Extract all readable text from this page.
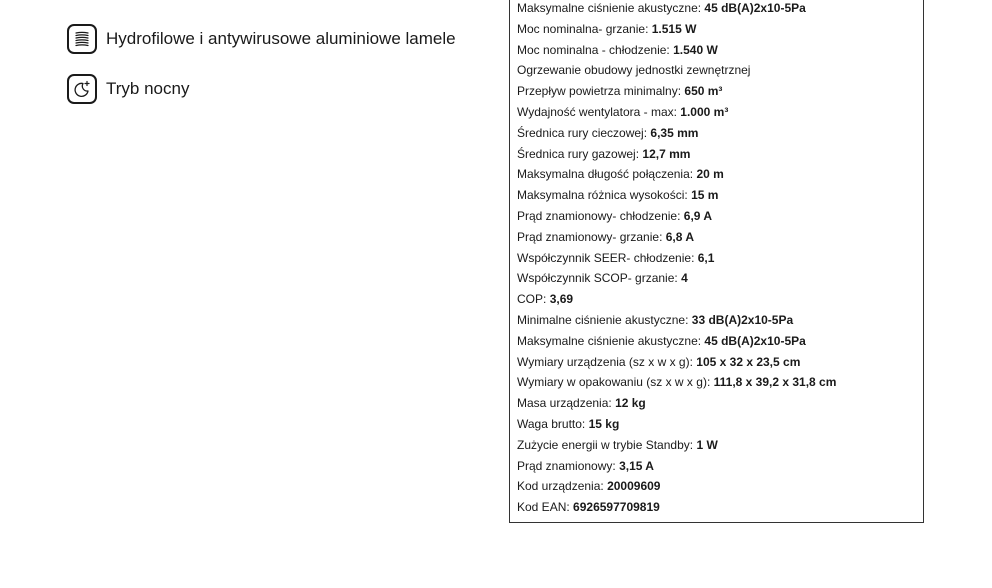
Hydrofilowe i antywirusowe aluminiowe lamele
Tryb nocny
Maksymalne ciśnienie akustyczne: 45 dB(A)2x10-5Pa
Moc nominalna- grzanie: 1.515 W
Moc nominalna - chłodzenie: 1.540 W
Ogrzewanie obudowy jednostki zewnętrznej
Przepływ powietrza minimalny: 650 m³
Wydajność wentylatora - max: 1.000 m³
Średnica rury cieczowej: 6,35 mm
Średnica rury gazowej: 12,7 mm
Maksymalna długość połączenia: 20 m
Maksymalna różnica wysokości: 15 m
Prąd znamionowy- chłodzenie: 6,9 A
Prąd znamionowy- grzanie: 6,8 A
Współczynnik SEER- chłodzenie: 6,1
Współczynnik SCOP- grzanie: 4
COP: 3,69
Minimalne ciśnienie akustyczne: 33 dB(A)2x10-5Pa
Maksymalne ciśnienie akustyczne: 45 dB(A)2x10-5Pa
Wymiary urządzenia (sz x w x g): 105 x 32 x 23,5 cm
Wymiary w opakowaniu (sz x w x g): 111,8 x 39,2 x 31,8 cm
Masa urządzenia: 12 kg
Waga brutto: 15 kg
Zużycie energii w trybie Standby: 1 W
Prąd znamionowy: 3,15 A
Kod urządzenia: 20009609
Kod EAN: 6926597709819
